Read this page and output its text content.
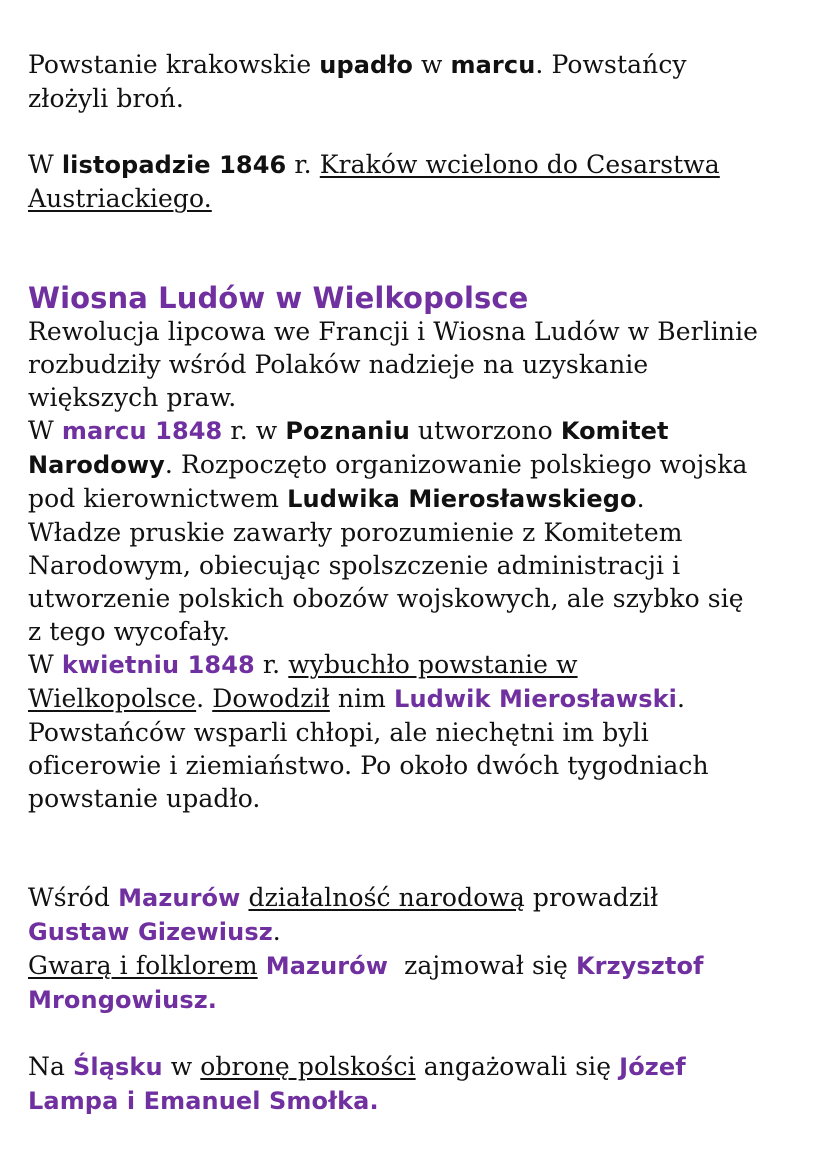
Powstanie krakowskie upadło w marcu. Powstańcy
złożyli broń.
W listopadzie 1846 r. Kraków wcielono do Cesarstwa
Austriackiego.
Wiosna Ludów w Wielkopolsce
Rewolucja lipcowa we Francji i Wiosna Ludów w Berlinie
rozbudziły wśród Polaków nadzieje na uzyskanie
większych praw.
W marcu 1848 r. w Poznaniu utworzono Komitet
Narodowy. Rozpoczęto organizowanie polskiego wojska
pod kierownictwem Ludwika Mierosławskiego.
Władze pruskie zawarły porozumienie z Komitetem
Narodowym, obiecując spolszczenie administracji i
utworzenie polskich obozów wojskowych, ale szybko się
z tego wycofały.
W kwietniu 1848 r. wybuchło powstanie w
Wielkopolsce. Dowodził nim Ludwik Mierosławski.
Powstańców wsparli chłopi, ale niechętni im byli
oficerowie i ziemiaństwo. Po około dwóch tygodniach
powstanie upadło.
Wśród Mazurów działalność narodową prowadził
Gustaw Gizewiusz.
Gwarą i folklorem Mazurów  zajmował się Krzysztof
Mrongowiusz.
Na Śląsku w obronę polskości angażowali się Józef
Lampa i Emanuel Smołka.
